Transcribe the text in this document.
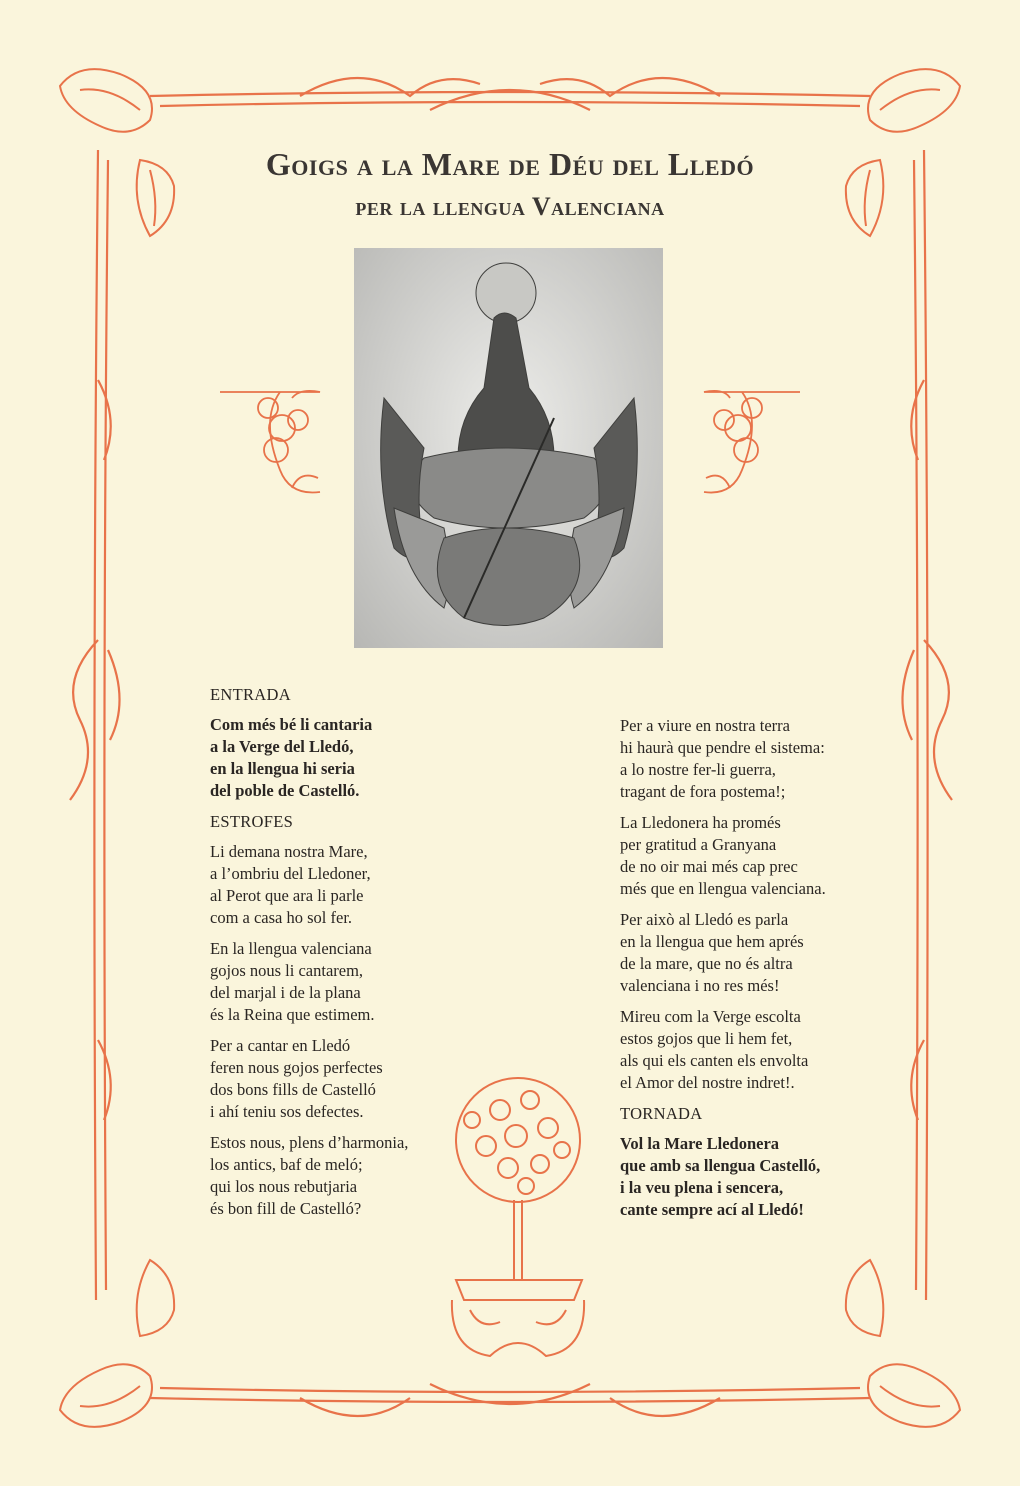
Goigs a la Mare de Déu del Lledó
per la llengua Valenciana
ENTRADA
Com més bé li cantaria
a la Verge del Lledó,
en la llengua hi seria
del poble de Castelló.
ESTROFES
Li demana nostra Mare,
a l’ombriu del Lledoner,
al Perot que ara li parle
com a casa ho sol fer.
En la llengua valenciana
gojos nous li cantarem,
del marjal i de la plana
és la Reina que estimem.
Per a cantar en Lledó
feren nous gojos perfectes
dos bons fills de Castelló
i ahí teniu sos defectes.
Estos nous, plens d’harmonia,
los antics, baf de meló;
qui los nous rebutjaria
és bon fill de Castelló?
Per a viure en nostra terra
hi haurà que pendre el sistema:
a lo nostre fer-li guerra,
tragant de fora postema!;
La Lledonera ha promés
per gratitud a Granyana
de no oir mai més cap prec
més que en llengua valenciana.
Per això al Lledó es parla
en la llengua que hem aprés
de la mare, que no és altra
valenciana i no res més!
Mireu com la Verge escolta
estos gojos que li hem fet,
als qui els canten els envolta
el Amor del nostre indret!.
TORNADA
Vol la Mare Lledonera
que amb sa llengua Castelló,
i la veu plena i sencera,
cante sempre ací al Lledó!
